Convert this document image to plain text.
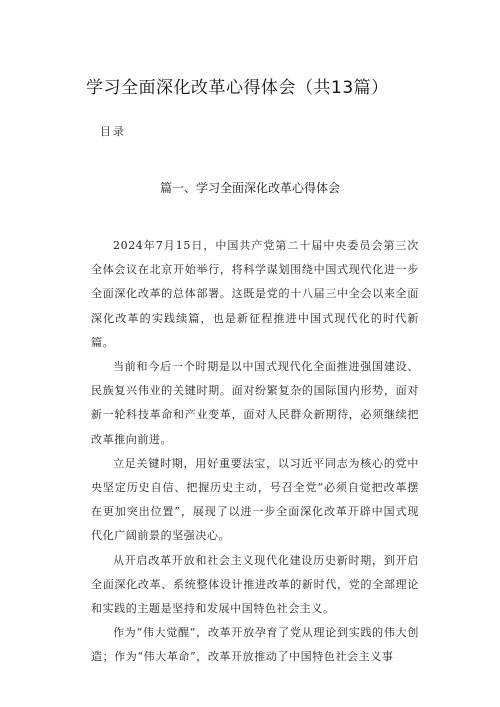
学习全面深化改革心得体会（共13篇）
目录
篇一、学习全面深化改革心得体会

2024年7月15日，中国共产党第二十届中央委员会第三次全体会议在北京开始举行，将科学谋划围绕中国式现代化进一步全面深化改革的总体部署。这既是党的十八届三中全会以来全面深化改革的实践续篇，也是新征程推进中国式现代化的时代新篇。

当前和今后一个时期是以中国式现代化全面推进强国建设、民族复兴伟业的关键时期。面对纷繁复杂的国际国内形势，面对新一轮科技革命和产业变革，面对人民群众新期待，必须继续把改革推向前进。

立足关键时期，用好重要法宝，以习近平同志为核心的党中央坚定历史自信、把握历史主动，号召全党“必须自觉把改革摆在更加突出位置”，展现了以进一步全面深化改革开辟中国式现代化广阔前景的坚强决心。

从开启改革开放和社会主义现代化建设历史新时期，到开启全面深化改革、系统整体设计推进改革的新时代，党的全部理论和实践的主题是坚持和发展中国特色社会主义。

作为“伟大觉醒”，改革开放孕育了党从理论到实践的伟大创造；作为“伟大革命”，改革开放推动了中国特色社会主义事
